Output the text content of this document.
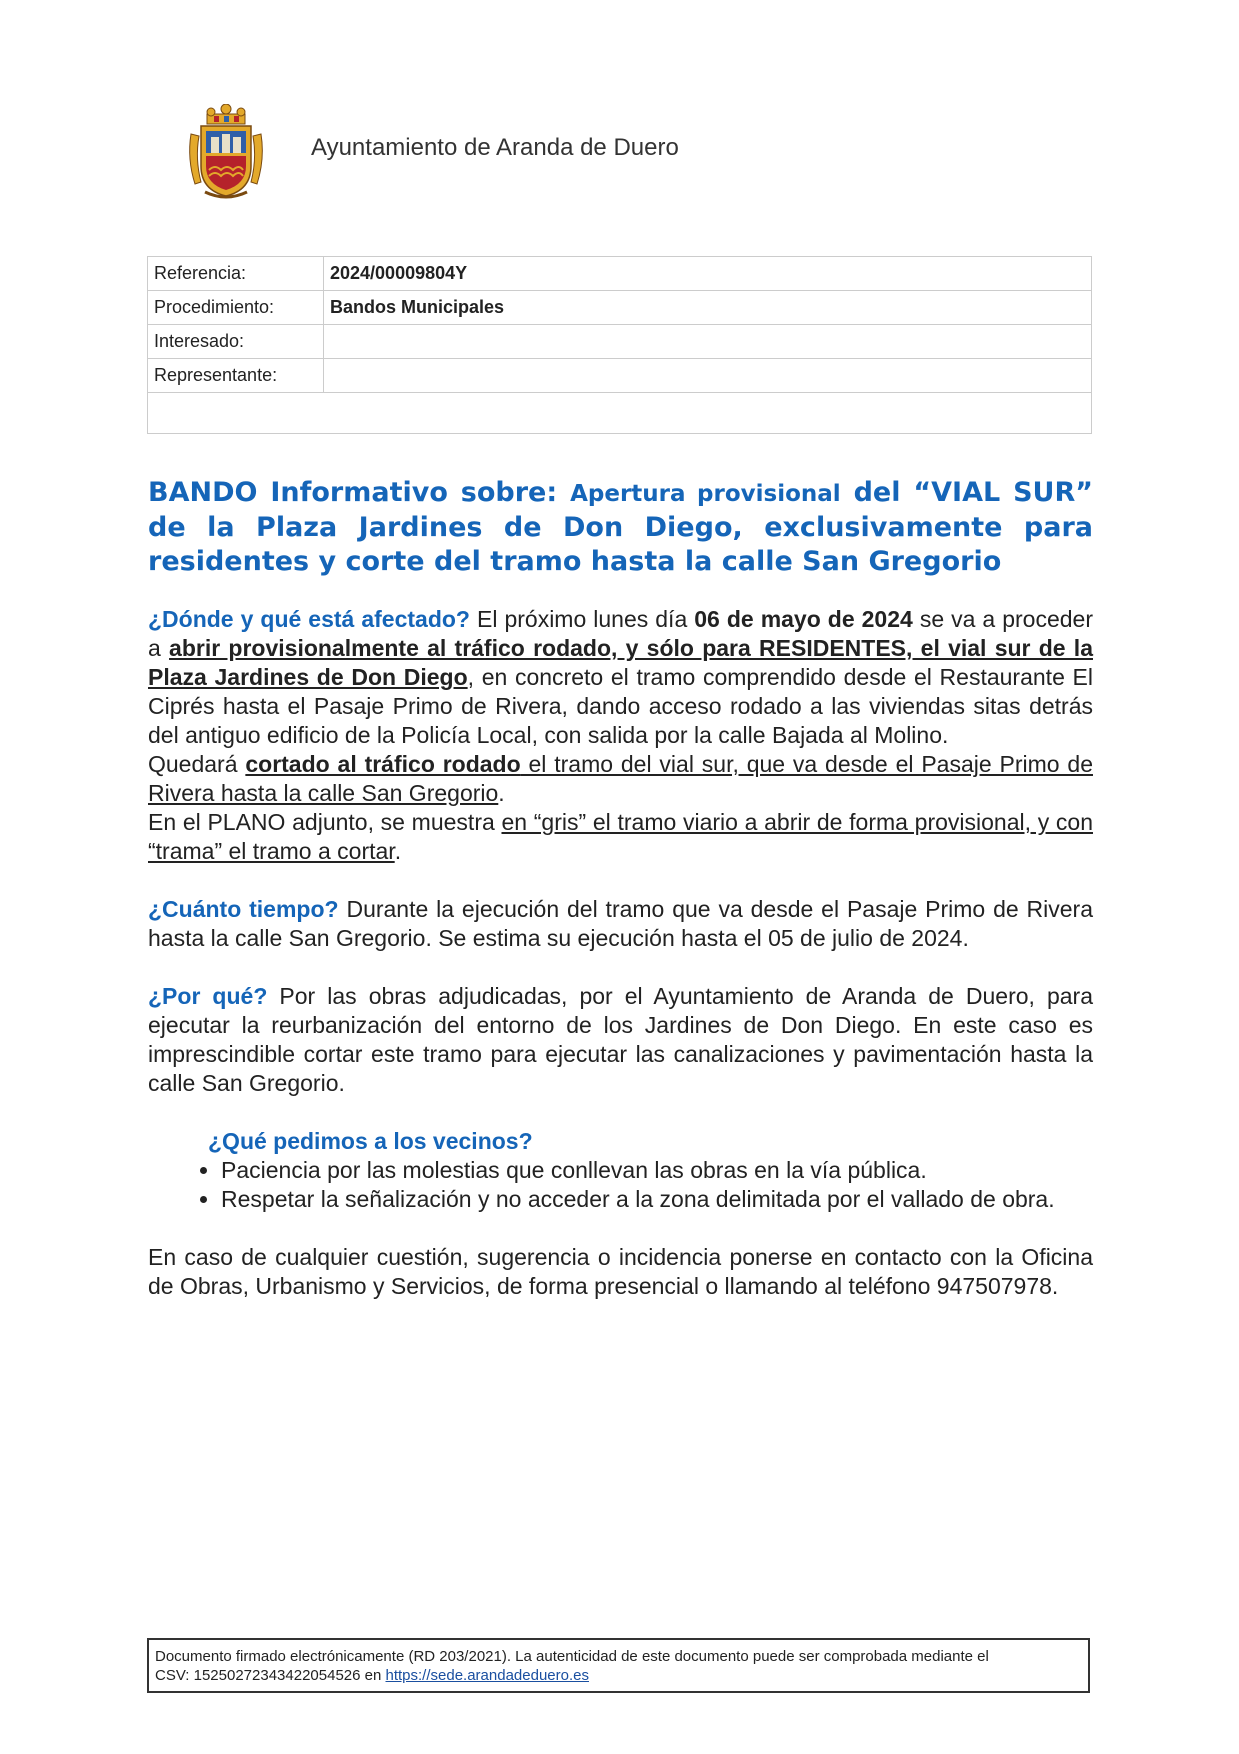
Ayuntamiento de Aranda de Duero
Referencia:	2024/00009804Y
Procedimiento:	Bandos Municipales
Interesado:	
Representante:	

BANDO Informativo sobre: Apertura provisional del “VIAL SUR” de la Plaza Jardines de Don Diego, exclusivamente para residentes y corte del tramo hasta la calle San Gregorio

¿Dónde y qué está afectado? El próximo lunes día 06 de mayo de 2024 se va a proceder a abrir provisionalmente al tráfico rodado, y sólo para RESIDENTES, el vial sur de la Plaza Jardines de Don Diego, en concreto el tramo comprendido desde el Restaurante El Ciprés hasta el Pasaje Primo de Rivera, dando acceso rodado a las viviendas sitas detrás del antiguo edificio de la Policía Local, con salida por la calle Bajada al Molino.

Quedará cortado al tráfico rodado el tramo del vial sur, que va desde el Pasaje Primo de Rivera hasta la calle San Gregorio.

En el PLANO adjunto, se muestra en “gris” el tramo viario a abrir de forma provisional, y con “trama” el tramo a cortar.

¿Cuánto tiempo? Durante la ejecución del tramo que va desde el Pasaje Primo de Rivera hasta la calle San Gregorio. Se estima su ejecución hasta el 05 de julio de 2024.

¿Por qué? Por las obras adjudicadas, por el Ayuntamiento de Aranda de Duero, para ejecutar la reurbanización del entorno de los Jardines de Don Diego. En este caso es imprescindible cortar este tramo para ejecutar las canalizaciones y pavimentación hasta la calle San Gregorio.

¿Qué pedimos a los vecinos?

• Paciencia por las molestias que conllevan las obras en la vía pública.
• Respetar la señalización y no acceder a la zona delimitada por el vallado de obra.

En caso de cualquier cuestión, sugerencia o incidencia ponerse en contacto con la Oficina de Obras, Urbanismo y Servicios, de forma presencial o llamando al teléfono 947507978.

Documento firmado electrónicamente (RD 203/2021). La autenticidad de este documento puede ser comprobada mediante el
CSV: 15250272343422054526 en https://sede.arandadeduero.es
